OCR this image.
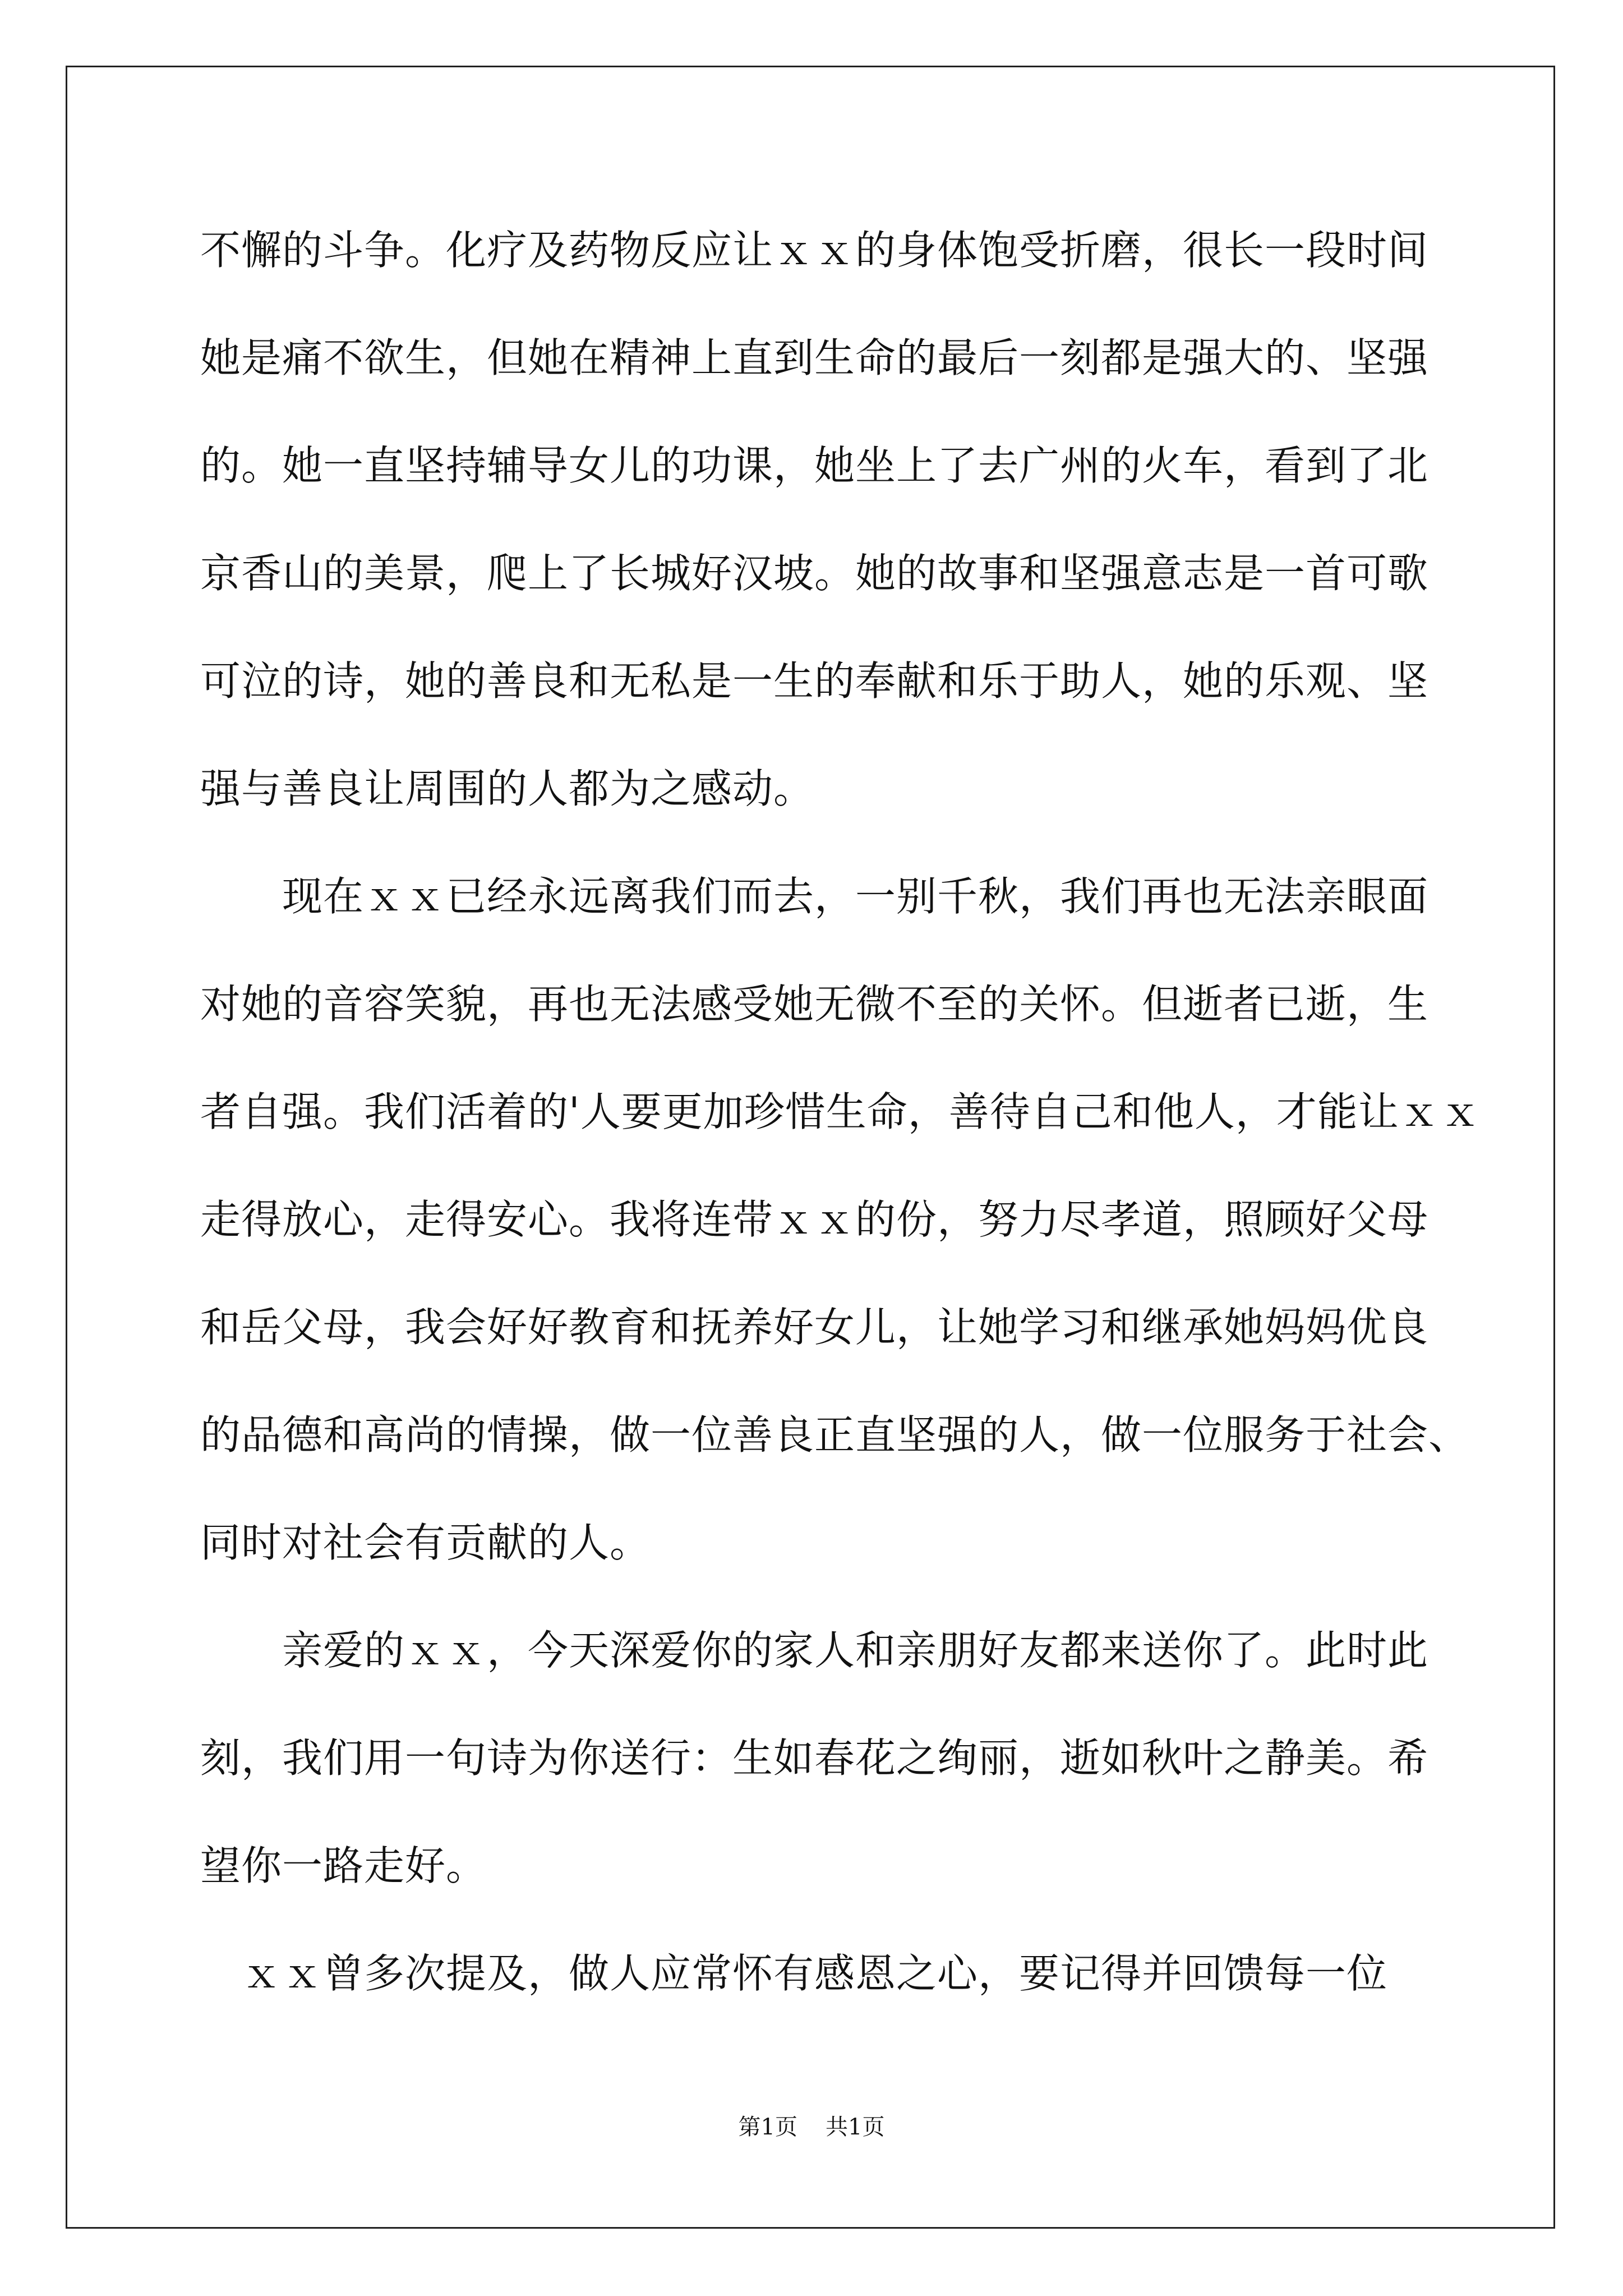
不懈的斗争。化疗及药物反应让ｘｘ的身体饱受折磨，很长一段时间
她是痛不欲生，但她在精神上直到生命的最后一刻都是强大的、坚强
的。她一直坚持辅导女儿的功课，她坐上了去广州的火车，看到了北
京香山的美景，爬上了长城好汉坡。她的故事和坚强意志是一首可歌
可泣的诗，她的善良和无私是一生的奉献和乐于助人，她的乐观、坚
强与善良让周围的人都为之感动。
　　现在ｘｘ已经永远离我们而去，一别千秋，我们再也无法亲眼面
对她的音容笑貌，再也无法感受她无微不至的关怀。但逝者已逝，生
者自强。我们活着的'人要更加珍惜生命，善待自己和他人，才能让ｘｘ
走得放心，走得安心。我将连带ｘｘ的份，努力尽孝道，照顾好父母
和岳父母，我会好好教育和抚养好女儿，让她学习和继承她妈妈优良
的品德和高尚的情操，做一位善良正直坚强的人，做一位服务于社会、
同时对社会有贡献的人。
　　亲爱的ｘｘ，今天深爱你的家人和亲朋好友都来送你了。此时此
刻，我们用一句诗为你送行：生如春花之绚丽，逝如秋叶之静美。希
望你一路走好。
　ｘｘ曾多次提及，做人应常怀有感恩之心，要记得并回馈每一位
第1页 共1页
